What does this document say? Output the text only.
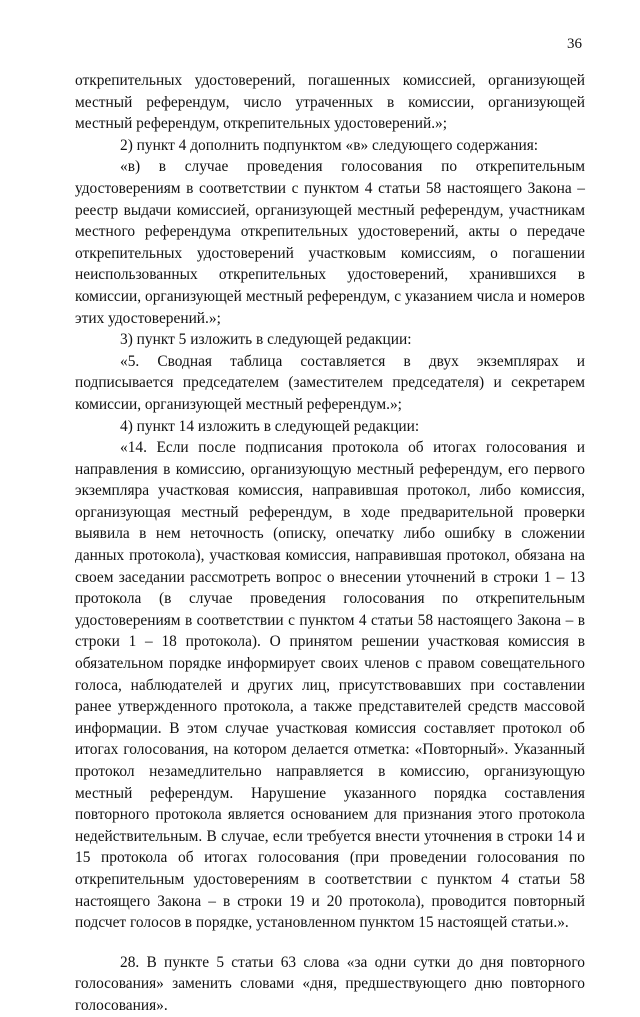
36

открепительных удостоверений, погашенных комиссией, организующей местный референдум, число утраченных в комиссии, организующей местный референдум, открепительных удостоверений.»;

2) пункт 4 дополнить подпунктом «в» следующего содержания:

«в) в случае проведения голосования по открепительным удостоверениям в соответствии с пунктом 4 статьи 58 настоящего Закона – реестр выдачи комиссией, организующей местный референдум, участникам местного референдума открепительных удостоверений, акты о передаче открепительных удостоверений участковым комиссиям, о погашении неиспользованных открепительных удостоверений, хранившихся в комиссии, организующей местный референдум, с указанием числа и номеров этих удостоверений.»;

3) пункт 5 изложить в следующей редакции:

«5. Сводная таблица составляется в двух экземплярах и подписывается председателем (заместителем председателя) и секретарем комиссии, организующей местный референдум.»;

4) пункт 14 изложить в следующей редакции:

«14. Если после подписания протокола об итогах голосования и направления в комиссию, организующую местный референдум, его первого экземпляра участковая комиссия, направившая протокол, либо комиссия, организующая местный референдум, в ходе предварительной проверки выявила в нем неточность (описку, опечатку либо ошибку в сложении данных протокола), участковая комиссия, направившая протокол, обязана на своем заседании рассмотреть вопрос о внесении уточнений в строки 1 – 13 протокола (в случае проведения голосования по открепительным удостоверениям в соответствии с пунктом 4 статьи 58 настоящего Закона – в строки 1 – 18 протокола). О принятом решении участковая комиссия в обязательном порядке информирует своих членов с правом совещательного голоса, наблюдателей и других лиц, присутствовавших при составлении ранее утвержденного протокола, а также представителей средств массовой информации. В этом случае участковая комиссия составляет протокол об итогах голосования, на котором делается отметка: «Повторный». Указанный протокол незамедлительно направляется в комиссию, организующую местный референдум. Нарушение указанного порядка составления повторного протокола является основанием для признания этого протокола недействительным. В случае, если требуется внести уточнения в строки 14 и 15 протокола об итогах голосования (при проведении голосования по открепительным удостоверениям в соответствии с пунктом 4 статьи 58 настоящего Закона – в строки 19 и 20 протокола), проводится повторный подсчет голосов в порядке, установленном пунктом 15 настоящей статьи.».

28. В пункте 5 статьи 63 слова «за одни сутки до дня повторного голосования» заменить словами «дня, предшествующего дню повторного голосования».
